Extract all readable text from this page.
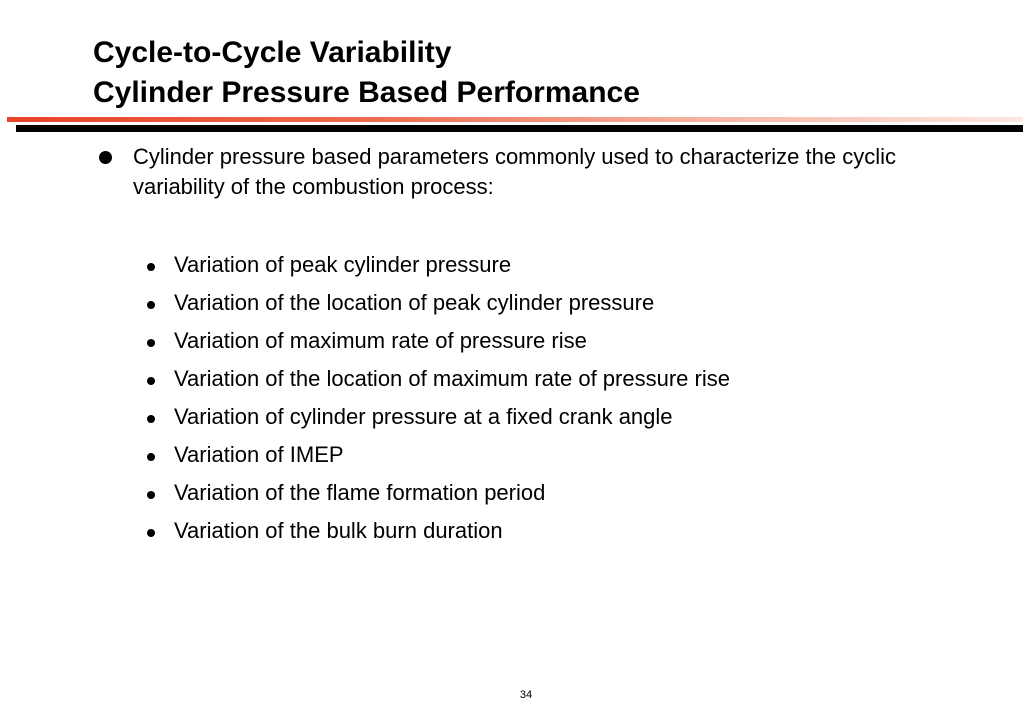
Cycle-to-Cycle Variability
Cylinder Pressure Based Performance
Cylinder pressure based parameters commonly used to characterize the cyclic variability of the combustion process:
Variation of peak cylinder pressure
Variation of the location of peak cylinder pressure
Variation of maximum rate of pressure rise
Variation of the location of maximum rate of pressure rise
Variation of cylinder pressure at a fixed crank angle
Variation of IMEP
Variation of the flame formation period
Variation of the bulk burn duration
34
